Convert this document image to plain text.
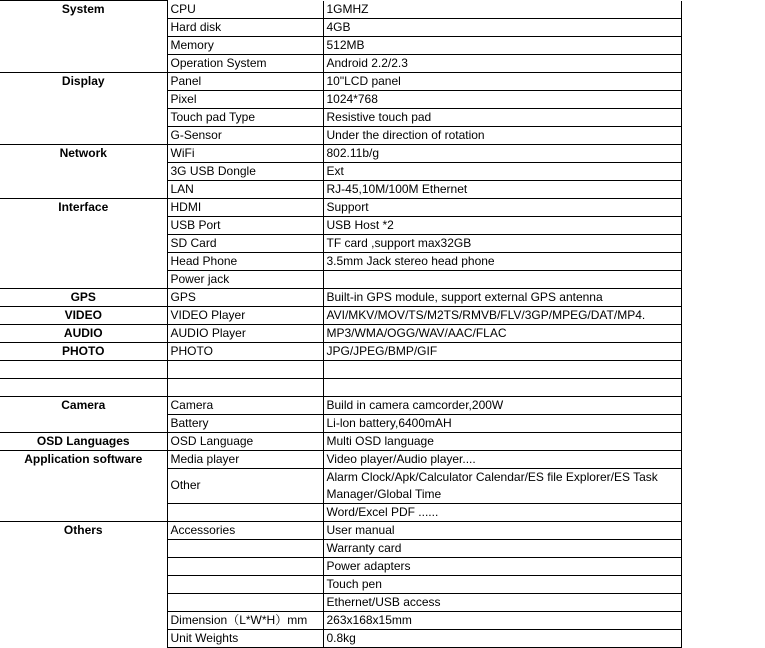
System	CPU	1GMHZ
	Hard disk	4GB
	Memory	512MB
	Operation System	Android 2.2/2.3
Display	Panel	10"LCD panel
	Pixel	1024*768
	Touch pad Type	Resistive touch pad
	G-Sensor	Under the direction of rotation
Network	WiFi	802.11b/g
	3G USB Dongle	Ext
	LAN	RJ-45,10M/100M Ethernet
Interface	HDMI	Support
	USB Port	USB Host *2
	SD Card	TF card ,support max32GB
	Head Phone	3.5mm Jack stereo head phone
	Power jack	
GPS	GPS	Built-in GPS module, support external GPS antenna
VIDEO	VIDEO Player	AVI/MKV/MOV/TS/M2TS/RMVB/FLV/3GP/MPEG/DAT/MP4.
AUDIO	AUDIO Player	MP3/WMA/OGG/WAV/AAC/FLAC
PHOTO	PHOTO	JPG/JPEG/BMP/GIF

Camera	Camera	Build in camera camcorder,200W
	Battery	Li-lon battery,6400mAH
OSD Languages	OSD Language	Multi OSD language
Application software	Media player	Video player/Audio player....
	Other	Alarm Clock/Apk/Calculator Calendar/ES file Explorer/ES Task Manager/Global Time
		Word/Excel PDF ......
Others	Accessories	User manual
		Warranty card
		Power adapters
		Touch pen
		Ethernet/USB access
	Dimension（L*W*H）mm	263x168x15mm
	Unit Weights	0.8kg
